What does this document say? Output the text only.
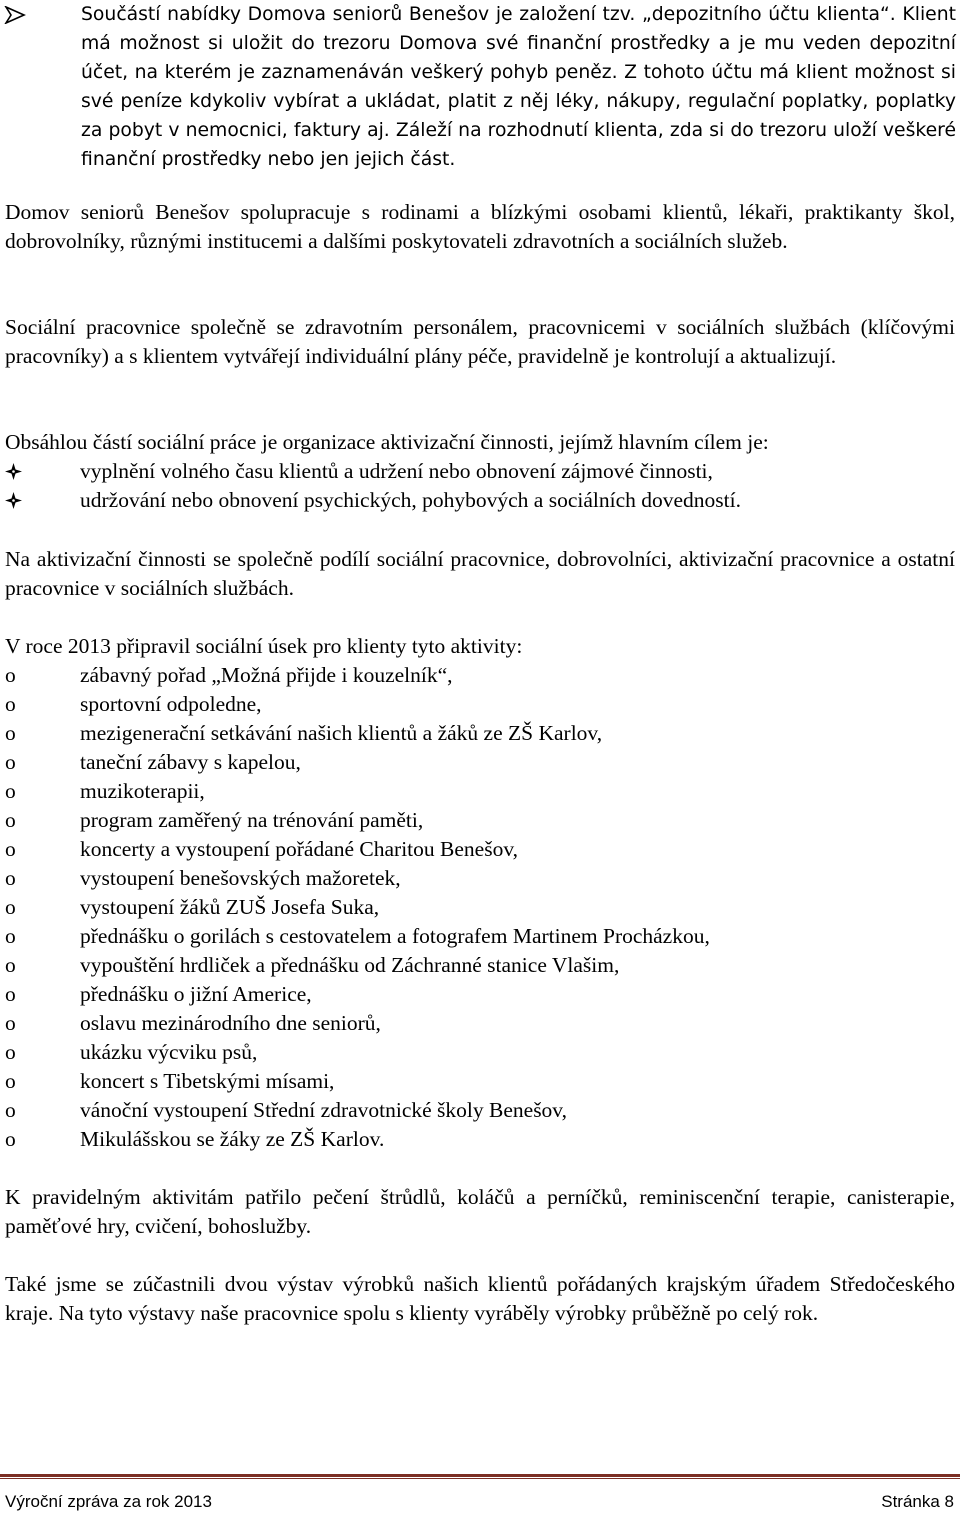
Součástí nabídky Domova seniorů Benešov je založení tzv. „depozitního účtu klienta“. Klient má možnost si uložit do trezoru Domova své finanční prostředky a je mu veden depozitní účet, na kterém je zaznamenáván veškerý pohyb peněz. Z tohoto účtu má klient možnost si své peníze kdykoliv vybírat a ukládat, platit z něj léky, nákupy, regulační poplatky, poplatky za pobyt v nemocnici, faktury aj. Záleží na rozhodnutí klienta, zda si do trezoru uloží veškeré finanční prostředky nebo jen jejich část.

Domov seniorů Benešov spolupracuje s rodinami a blízkými osobami klientů, lékaři, praktikanty škol, dobrovolníky, různými institucemi a dalšími poskytovateli zdravotních a sociálních služeb.

Sociální pracovnice společně se zdravotním personálem, pracovnicemi v sociálních službách (klíčovými pracovníky) a s klientem vytvářejí individuální plány péče, pravidelně je kontrolují a aktualizují.

Obsáhlou částí sociální práce je organizace aktivizační činnosti, jejímž hlavním cílem je:

vyplnění volného času klientů a udržení nebo obnovení zájmové činnosti,
udržování nebo obnovení psychických, pohybových a sociálních dovedností.

Na aktivizační činnosti se společně podílí sociální pracovnice, dobrovolníci, aktivizační pracovnice a ostatní pracovnice v sociálních službách.

V roce 2013 připravil sociální úsek pro klienty tyto aktivity:

o	zábavný pořad „Možná přijde i kouzelník“,
o	sportovní odpoledne,
o	mezigenerační setkávání našich klientů a žáků ze ZŠ Karlov,
o	taneční zábavy s kapelou,
o	muzikoterapii,
o	program zaměřený na trénování paměti,
o	koncerty a vystoupení pořádané Charitou Benešov,
o	vystoupení benešovských mažoretek,
o	vystoupení žáků ZUŠ Josefa Suka,
o	přednášku o gorilách s cestovatelem a fotografem Martinem Procházkou,
o	vypouštění hrdliček a přednášku od Záchranné stanice Vlašim,
o	přednášku o jižní Americe,
o	oslavu mezinárodního dne seniorů,
o	ukázku výcviku psů,
o	koncert s Tibetskými mísami,
o	vánoční vystoupení Střední zdravotnické školy Benešov,
o	Mikulášskou se žáky ze ZŠ Karlov.

K pravidelným aktivitám patřilo pečení štrůdlů, koláčů a perníčků, reminiscenční terapie, canisterapie, paměťové hry, cvičení, bohoslužby.

Také jsme se zúčastnili dvou výstav výrobků našich klientů pořádaných krajským úřadem Středočeského kraje. Na tyto výstavy naše pracovnice spolu s klienty vyráběly výrobky průběžně po celý rok.

Výroční zpráva za rok 2013	Stránka 8
